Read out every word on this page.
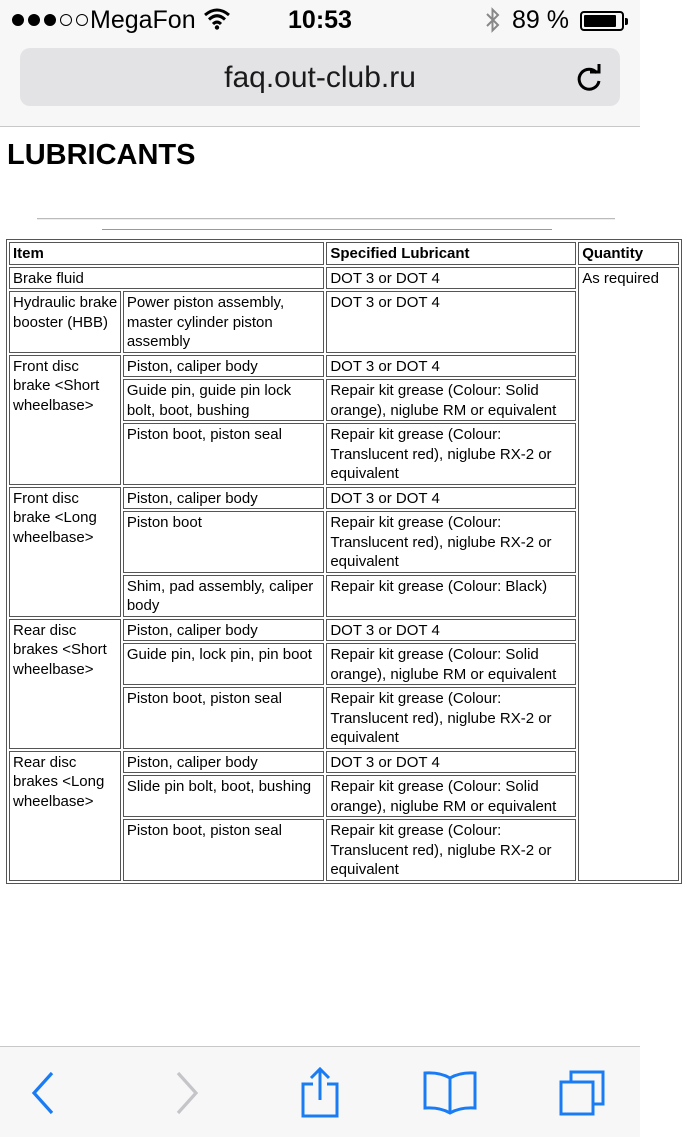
MegaFon	10:53	89 %
faq.out-club.ru
LUBRICANTS
Item		Specified Lubricant	Quantity
Brake fluid		DOT 3 or DOT 4	As required
Hydraulic brake booster (HBB)	Power piston assembly, master cylinder piston assembly	DOT 3 or DOT 4	
Front disc brake <Short wheelbase>	Piston, caliper body	DOT 3 or DOT 4	
	Guide pin, guide pin lock bolt, boot, bushing	Repair kit grease (Colour: Solid orange), niglube RM or equivalent	
	Piston boot, piston seal	Repair kit grease (Colour: Translucent red), niglube RX-2 or equivalent	
Front disc brake <Long wheelbase>	Piston, caliper body	DOT 3 or DOT 4	
	Piston boot	Repair kit grease (Colour: Translucent red), niglube RX-2 or equivalent	
	Shim, pad assembly, caliper body	Repair kit grease (Colour: Black)	
Rear disc brakes <Short wheelbase>	Piston, caliper body	DOT 3 or DOT 4	
	Guide pin, lock pin, pin boot	Repair kit grease (Colour: Solid orange), niglube RM or equivalent	
	Piston boot, piston seal	Repair kit grease (Colour: Translucent red), niglube RX-2 or equivalent	
Rear disc brakes <Long wheelbase>	Piston, caliper body	DOT 3 or DOT 4	
	Slide pin bolt, boot, bushing	Repair kit grease (Colour: Solid orange), niglube RM or equivalent	
	Piston boot, piston seal	Repair kit grease (Colour: Translucent red), niglube RX-2 or equivalent	
